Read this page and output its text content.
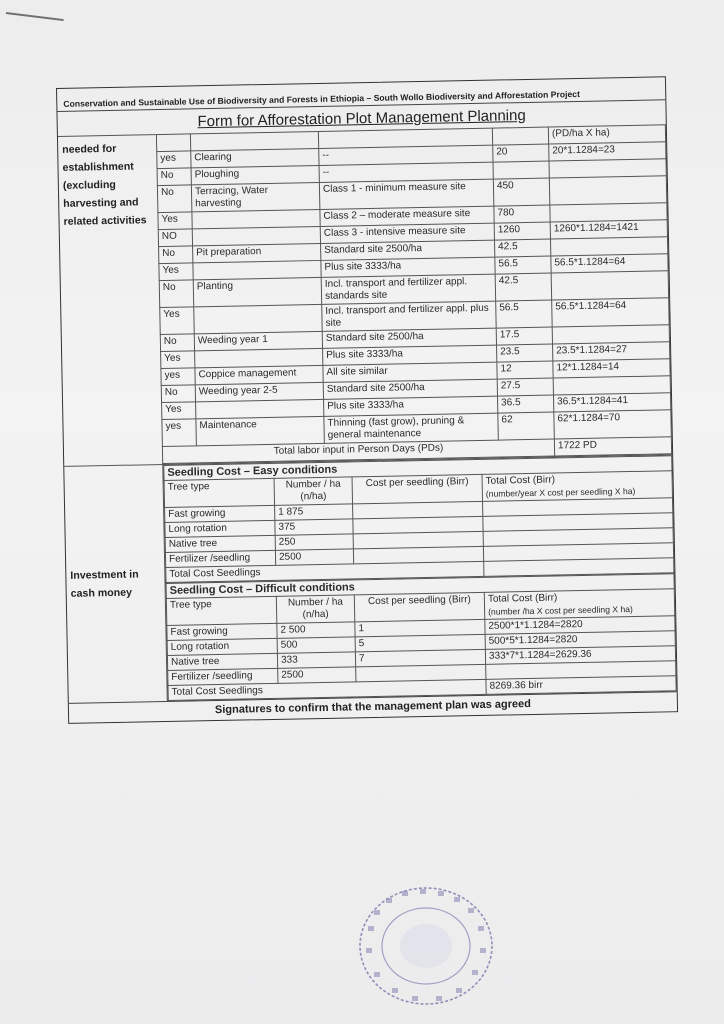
Conservation and Sustainable Use of Biodiversity and Forests in Ethiopia – South Wollo Biodiversity and Afforestation Project
Form for Afforestation Plot Management Planning
needed for establishment (excluding harvesting and related activities
				(PD/ha X ha)
yes	Clearing	--	20	20*1.1284=23
No	Ploughing	--		
No	Terracing, Water harvesting	Class 1 - minimum measure site	450	
Yes		Class 2 – moderate measure site	780	
NO		Class 3 - intensive measure site	1260	1260*1.1284=1421
No	Pit preparation	Standard site 2500/ha	42.5	
Yes		Plus site 3333/ha	56.5	56.5*1.1284=64
No	Planting	Incl. transport and fertilizer appl. standards site	42.5	
Yes		Incl. transport and fertilizer appl. plus site	56.5	56.5*1.1284=64
No	Weeding year 1	Standard site 2500/ha	17.5	
Yes		Plus site 3333/ha	23.5	23.5*1.1284=27
yes	Coppice management	All site similar	12	12*1.1284=14
No	Weeding year 2-5	Standard site 2500/ha	27.5	
Yes		Plus site 3333/ha	36.5	36.5*1.1284=41
yes	Maintenance	Thinning (fast grow), pruning & general maintenance	62	62*1.1284=70
Total labor input in Person Days (PDs)				1722 PD
Investment in cash money
Seedling Cost – Easy conditions			
Tree type	Number / ha (n/ha)	Cost per seedling (Birr)	Total Cost (Birr)
(number/year X cost per seedling X ha)

Fast growing	1 875		
Long rotation	375		
Native tree	250		
Fertilizer /seedling	2500		
Total Cost Seedlings			
Seedling Cost – Difficult conditions			
Tree type	Number / ha (n/ha)	Cost per seedling (Birr)	Total Cost (Birr)
(number /ha X cost per seedling X ha)

Fast growing	2 500	1	2500*1*1.1284=2820
Long rotation	500	5	500*5*1.1284=2820
Native tree	333	7	333*7*1.1284=2629.36
Fertilizer /seedling	2500		
Total Cost Seedlings			8269.36 birr
Signatures to confirm that the management plan was agreed
